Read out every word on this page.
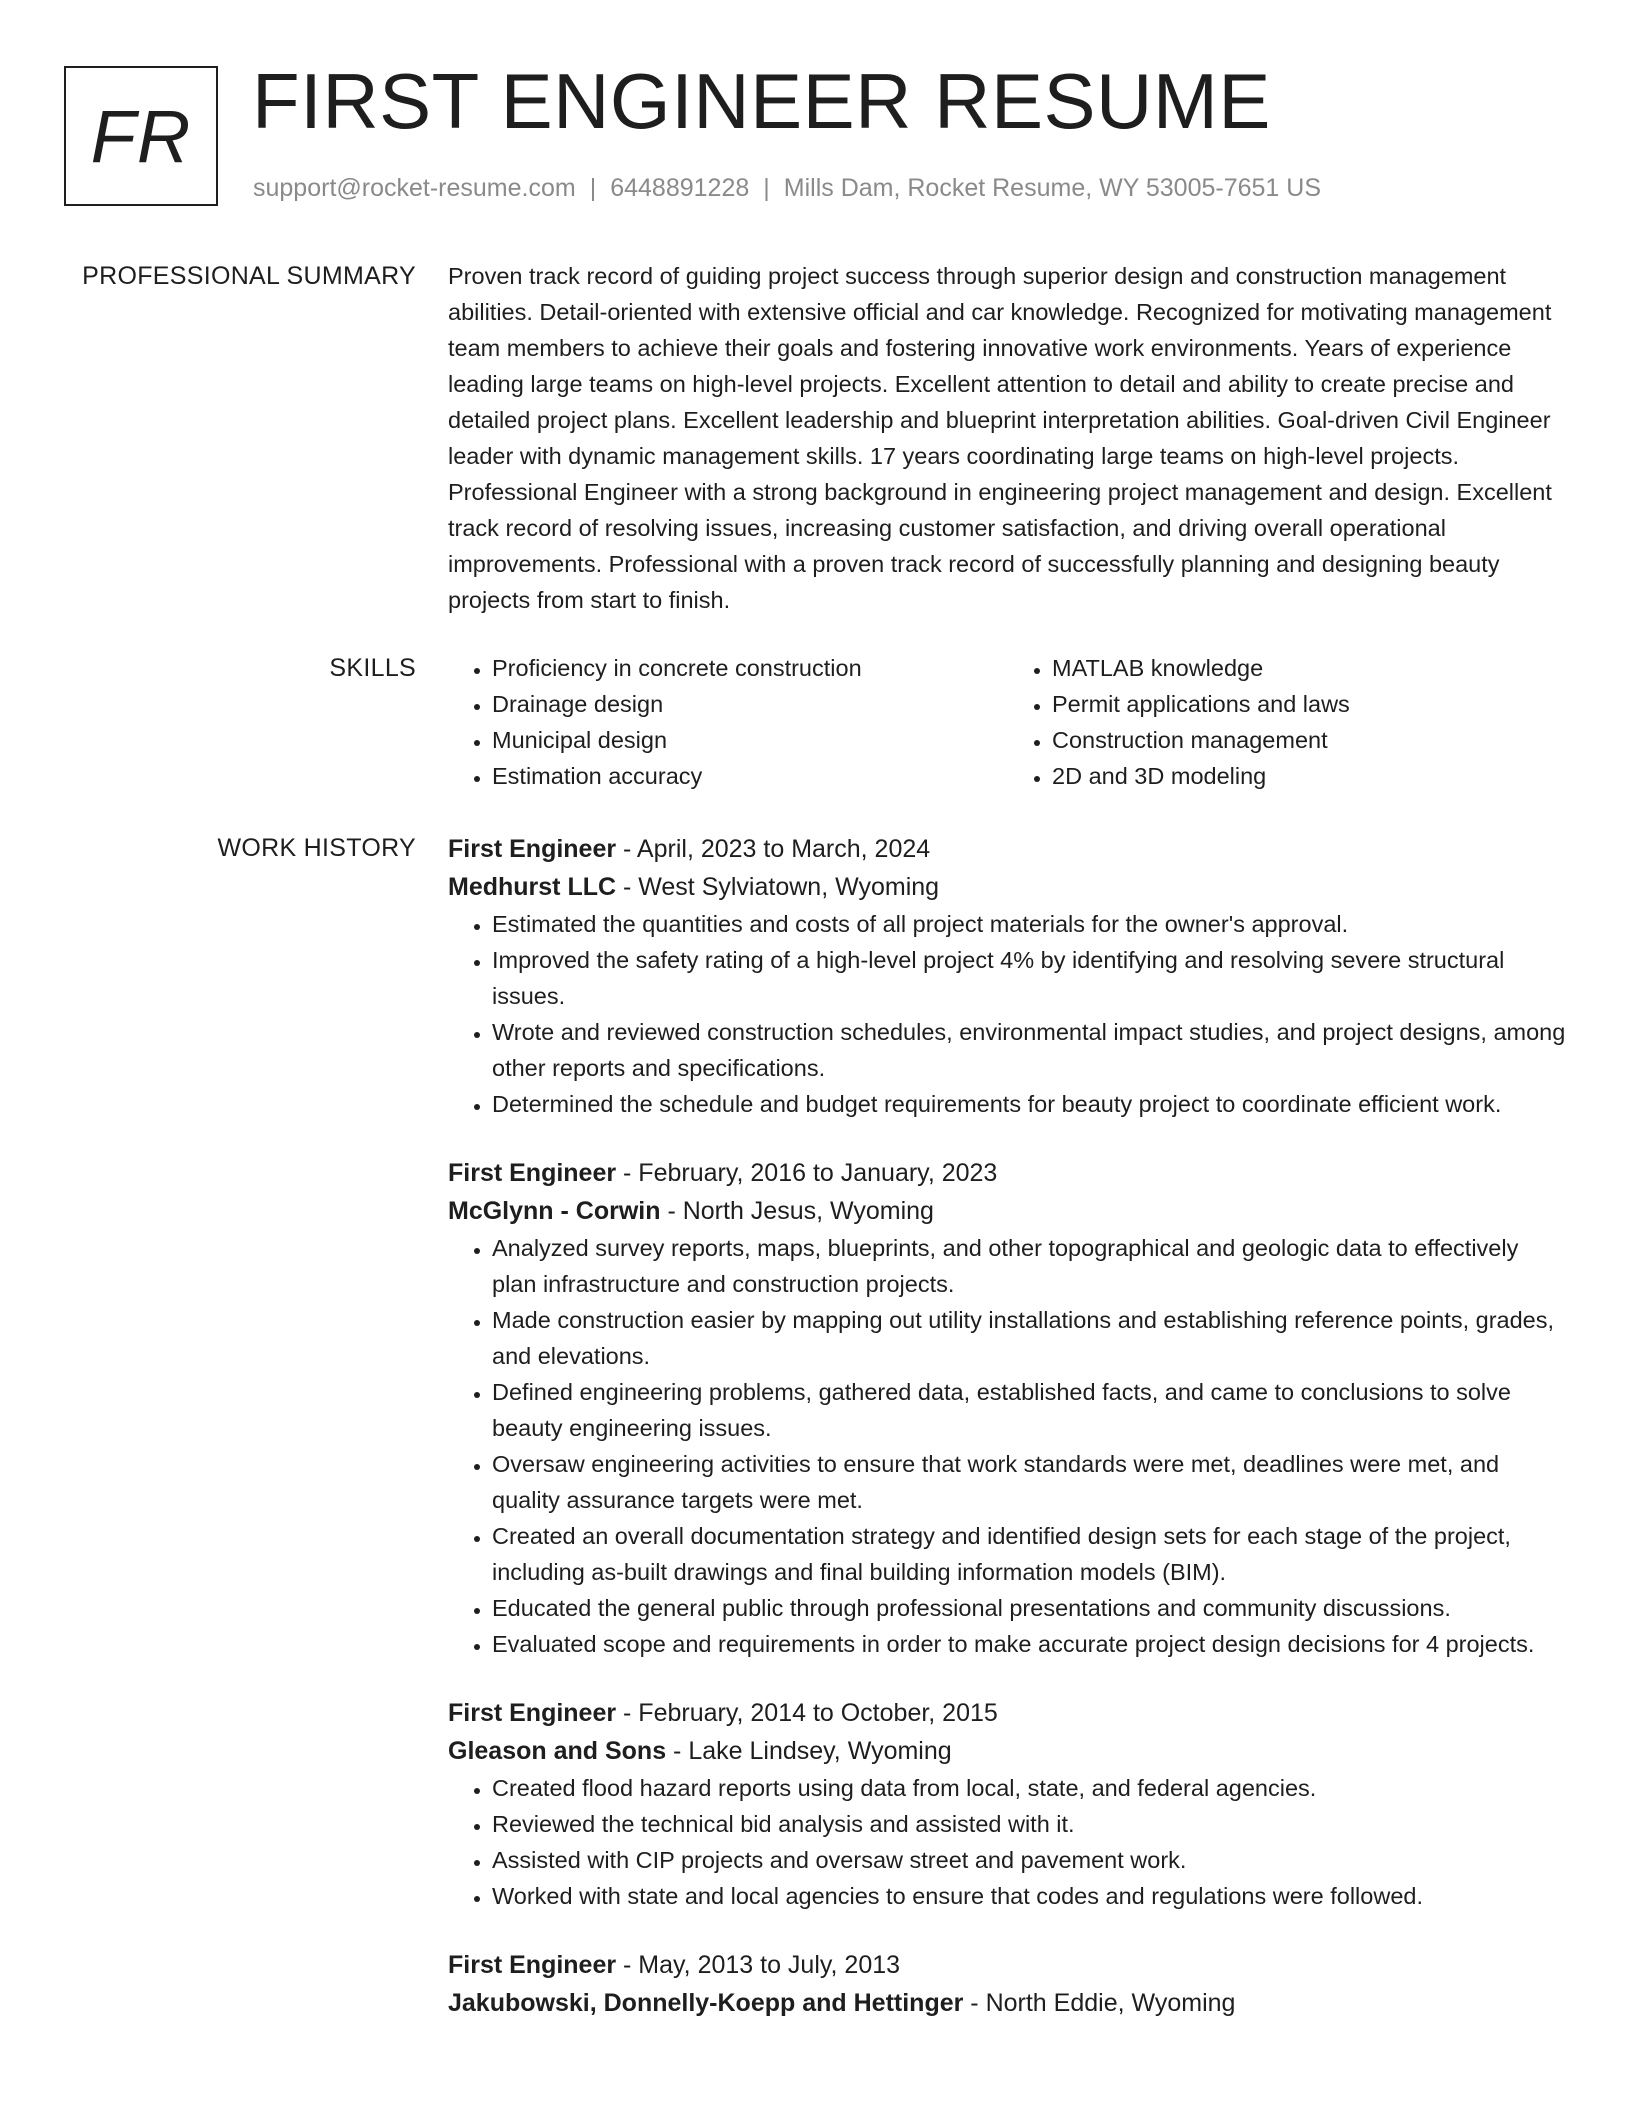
FR FIRST ENGINEER RESUME
support@rocket-resume.com | 6448891228 | Mills Dam, Rocket Resume, WY 53005-7651 US
PROFESSIONAL SUMMARY Proven track record of guiding project success through superior design and construction management abilities. Detail-oriented with extensive official and car knowledge. Recognized for motivating management team members to achieve their goals and fostering innovative work environments. Years of experience leading large teams on high-level projects. Excellent attention to detail and ability to create precise and detailed project plans. Excellent leadership and blueprint interpretation abilities. Goal-driven Civil Engineer leader with dynamic management skills. 17 years coordinating large teams on high-level projects. Professional Engineer with a strong background in engineering project management and design. Excellent track record of resolving issues, increasing customer satisfaction, and driving overall operational improvements. Professional with a proven track record of successfully planning and designing beauty projects from start to finish.

SKILLS
•	Proficiency in concrete construction
• Drainage design
• Municipal design
• Estimation accuracy
• MATLAB knowledge
• Permit applications and laws
• Construction management
• 2D and 3D modeling
WORK HISTORY First Engineer - April, 2023 to March, 2024
Medhurst LLC - West Sylviatown, Wyoming
• Estimated the quantities and costs of all project materials for the owner's approval.
• Improved the safety rating of a high-level project 4% by identifying and resolving severe structural issues.
• Wrote and reviewed construction schedules, environmental impact studies, and project designs, among other reports and specifications.
• Determined the schedule and budget requirements for beauty project to coordinate efficient work.
First Engineer - February, 2016 to January, 2023
McGlynn - Corwin - North Jesus, Wyoming
• Analyzed survey reports, maps, blueprints, and other topographical and geologic data to effectively plan infrastructure and construction projects.
• Made construction easier by mapping out utility installations and establishing reference points, grades, and elevations.
• Defined engineering problems, gathered data, established facts, and came to conclusions to solve beauty engineering issues.
• Oversaw engineering activities to ensure that work standards were met, deadlines were met, and quality assurance targets were met.
• Created an overall documentation strategy and identified design sets for each stage of the project, including as-built drawings and final building information models (BIM).
• Educated the general public through professional presentations and community discussions.
• Evaluated scope and requirements in order to make accurate project design decisions for 4 projects.
First Engineer - February, 2014 to October, 2015
Gleason and Sons - Lake Lindsey, Wyoming
• Created flood hazard reports using data from local, state, and federal agencies.
• Reviewed the technical bid analysis and assisted with it.
• Assisted with CIP projects and oversaw street and pavement work.
• Worked with state and local agencies to ensure that codes and regulations were followed.
First Engineer - May, 2013 to July, 2013
Jakubowski, Donnelly-Koepp and Hettinger - North Eddie, Wyoming
